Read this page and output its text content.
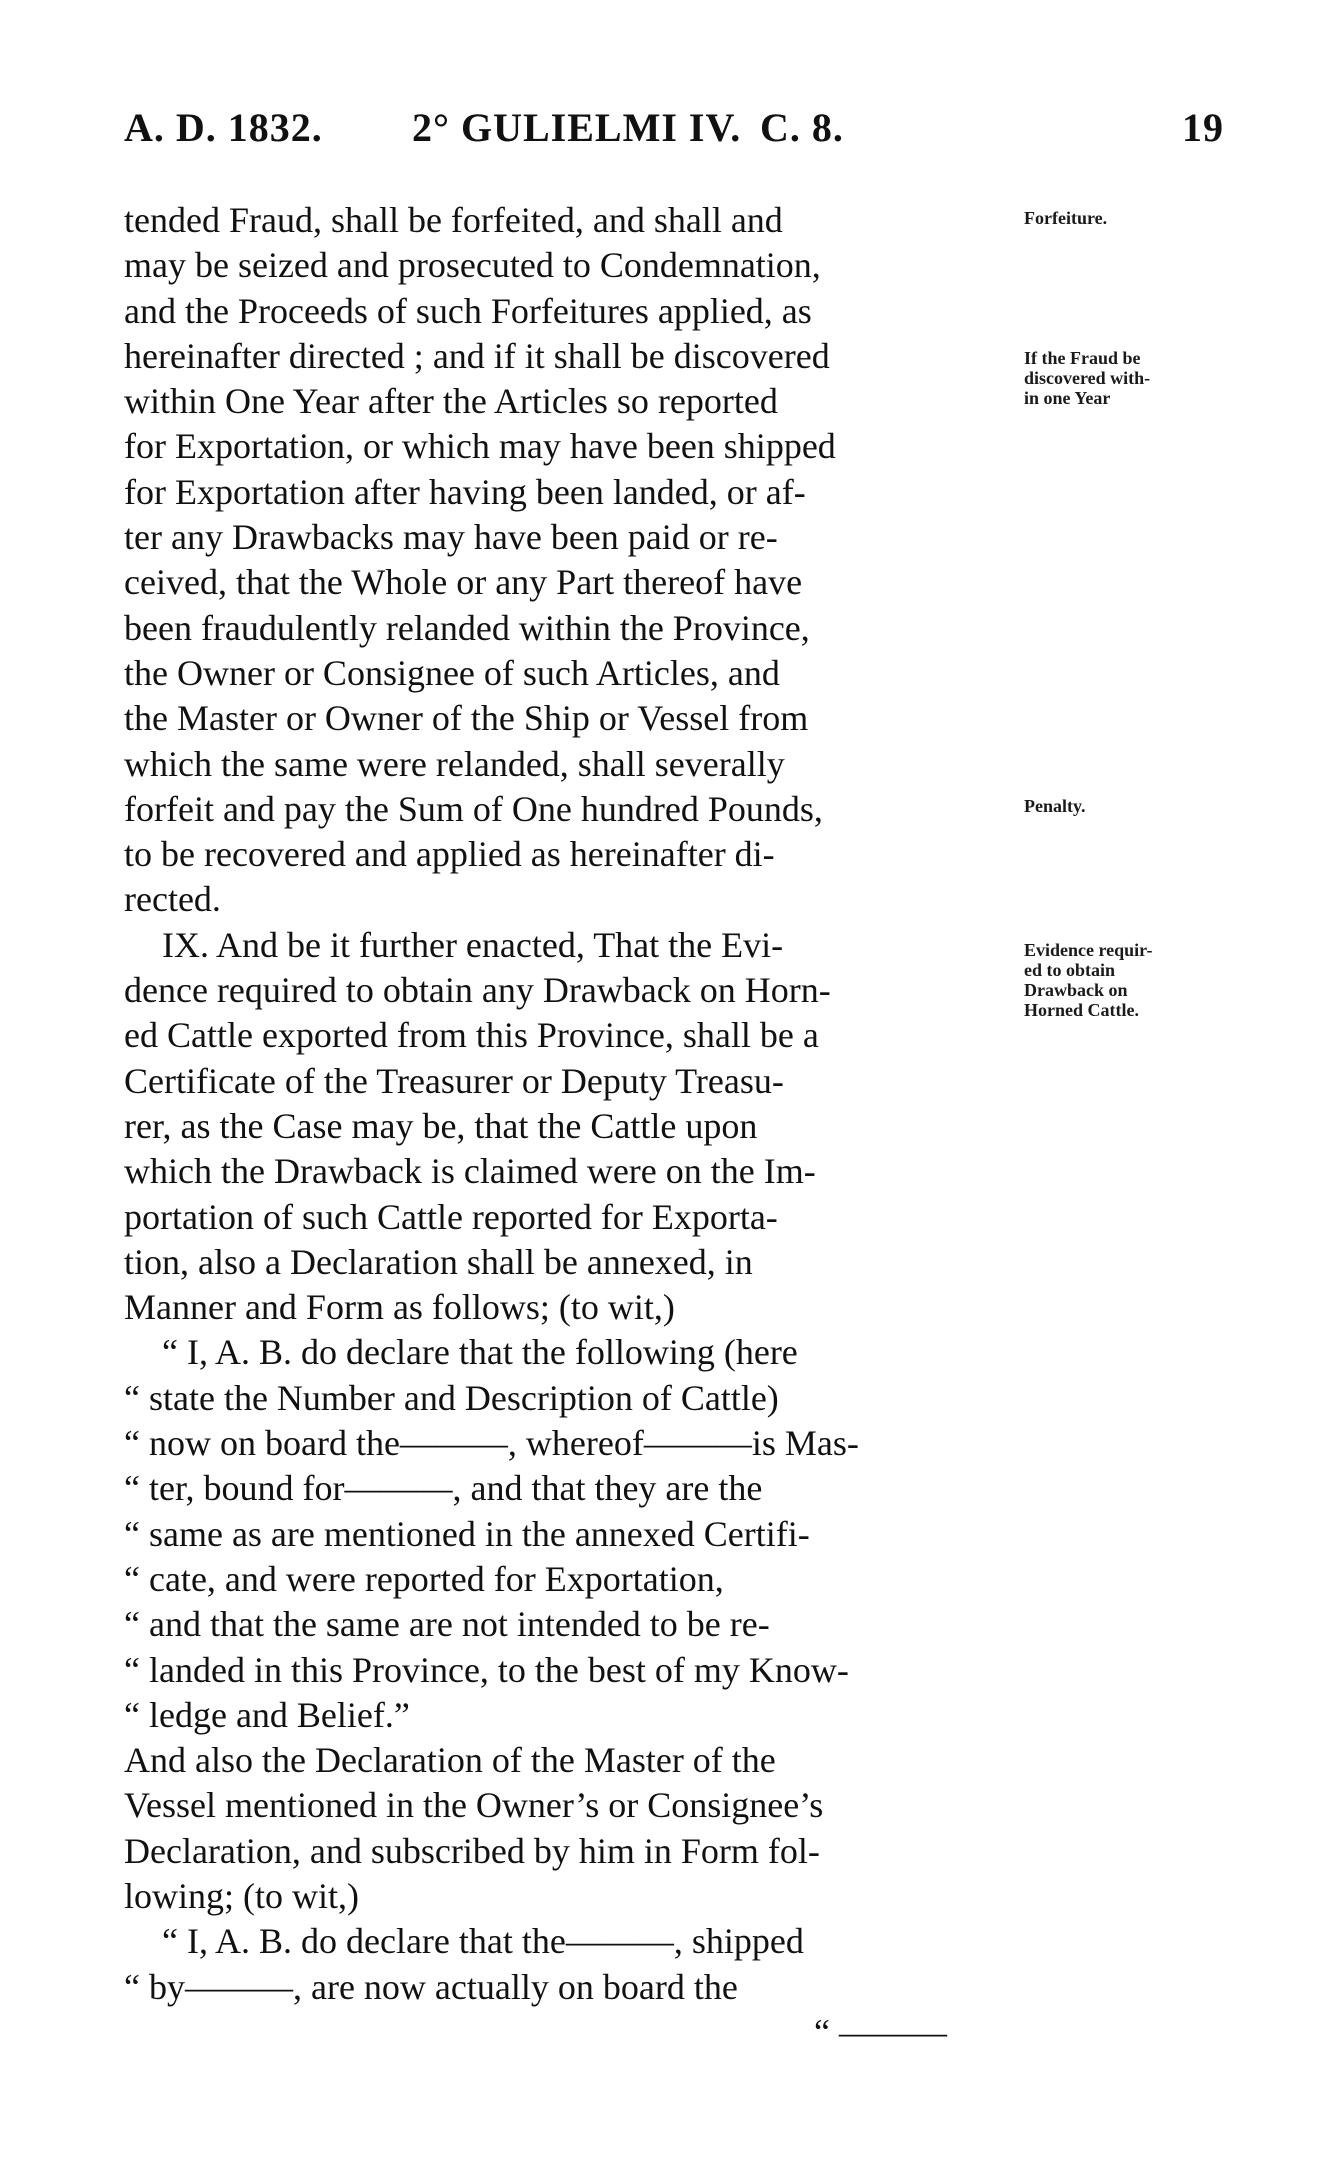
A. D. 1832. 2° GULIELMI IV. C. 8.	19
tended Fraud, shall be forfeited, and shall and
may be seized and prosecuted to Condemnation,
and the Proceeds of such Forfeitures applied, as
hereinafter directed ; and if it shall be discovered
within One Year after the Articles so reported
for Exportation, or which may have been shipped
for Exportation after having been landed, or af-
ter any Drawbacks may have been paid or re-
ceived, that the Whole or any Part thereof have
been fraudulently relanded within the Province,
the Owner or Consignee of such Articles, and
the Master or Owner of the Ship or Vessel from
which the same were relanded, shall severally
forfeit and pay the Sum of One hundred Pounds,
to be recovered and applied as hereinafter di-
rected.
IX. And be it further enacted, That the Evi-
dence required to obtain any Drawback on Horn-
ed Cattle exported from this Province, shall be a
Certificate of the Treasurer or Deputy Treasu-
rer, as the Case may be, that the Cattle upon
which the Drawback is claimed were on the Im-
portation of such Cattle reported for Exporta-
tion, also a Declaration shall be annexed, in
Manner and Form as follows; (to wit,)
“ I, A. B. do declare that the following (here
“ state the Number and Description of Cattle)
“ now on board the———, whereof———is Mas-
“ ter, bound for———, and that they are the
“ same as are mentioned in the annexed Certifi-
“ cate, and were reported for Exportation,
“ and that the same are not intended to be re-
“ landed in this Province, to the best of my Know-
“ ledge and Belief.”
And also the Declaration of the Master of the
Vessel mentioned in the Owner’s or Consignee’s
Declaration, and subscribed by him in Form fol-
lowing; (to wit,)
“ I, A. B. do declare that the———, shipped
“ by———, are now actually on board the
“ ———
Forfeiture.
If the Fraud be
discovered with-
in one Year
Penalty.
Evidence requir-
ed to obtain
Drawback on
Horned Cattle.
